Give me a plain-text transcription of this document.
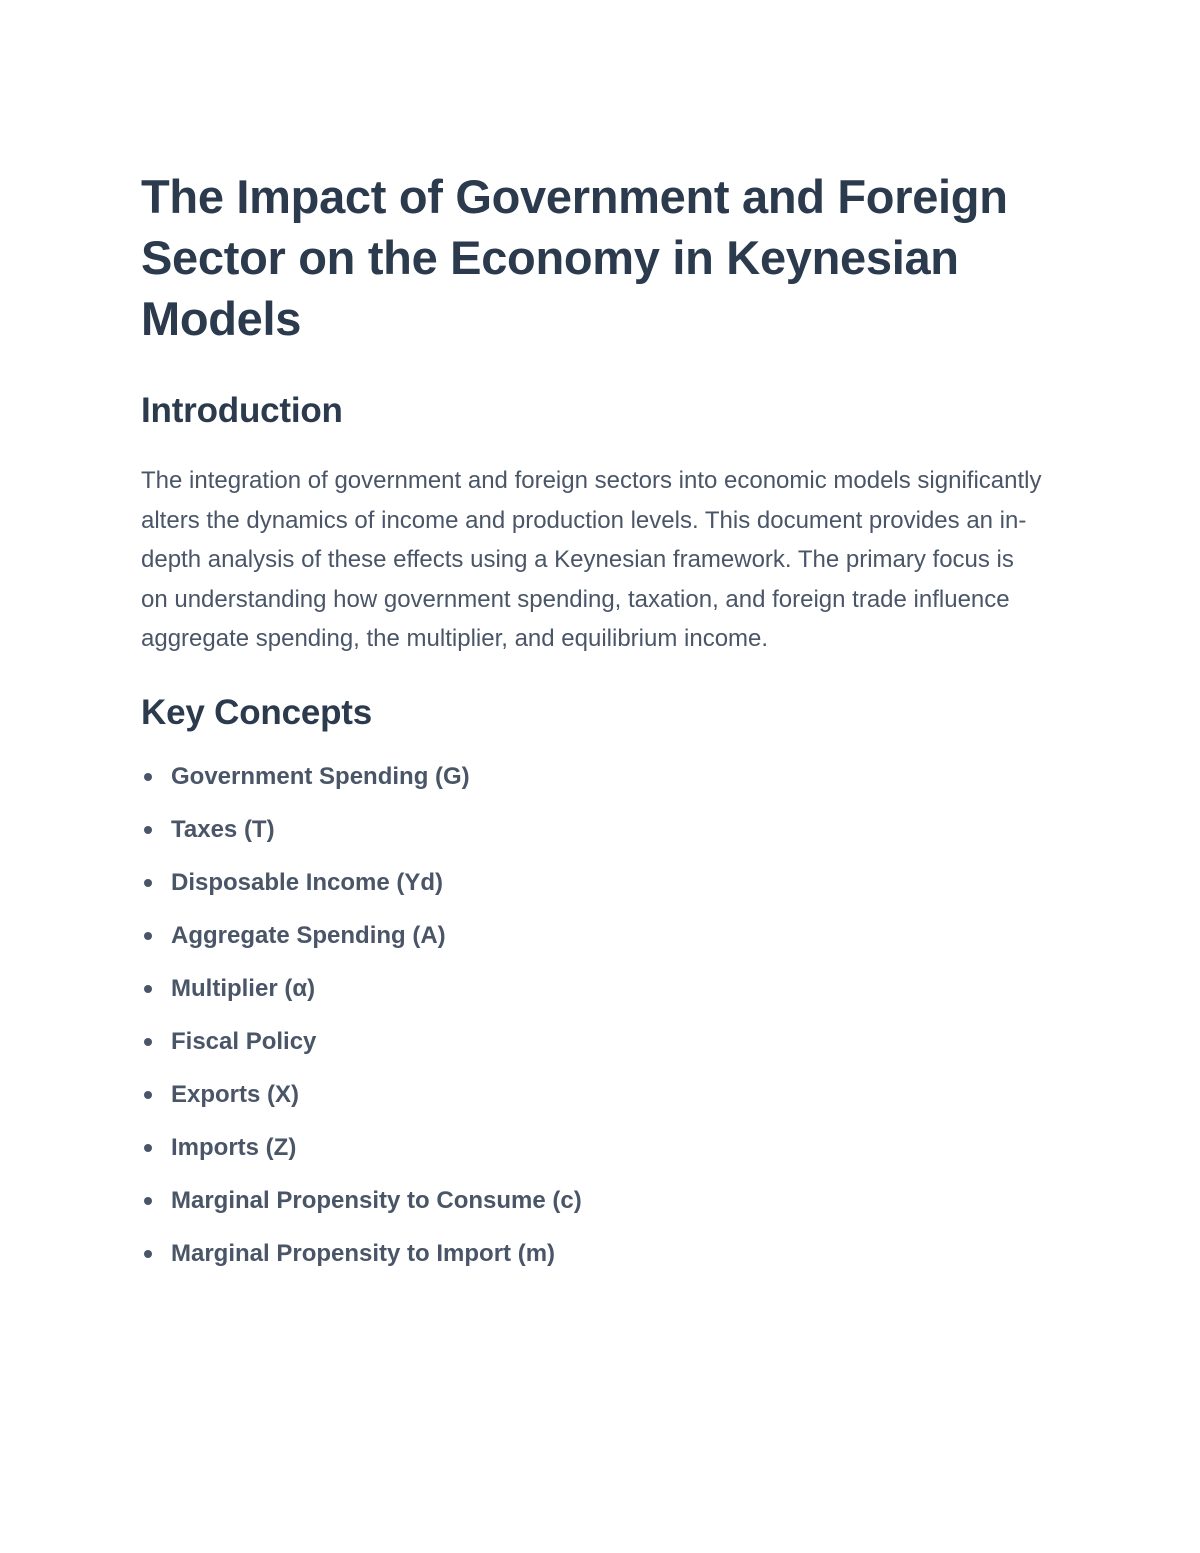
The Impact of Government and Foreign Sector on the Economy in Keynesian Models
Introduction

The integration of government and foreign sectors into economic models significantly alters the dynamics of income and production levels. This document provides an in-depth analysis of these effects using a Keynesian framework. The primary focus is on understanding how government spending, taxation, and foreign trade influence aggregate spending, the multiplier, and equilibrium income.

Key Concepts
Government Spending (G)
Taxes (T)
Disposable Income (Yd)
Aggregate Spending (A)
Multiplier (α)
Fiscal Policy
Exports (X)
Imports (Z)
Marginal Propensity to Consume (c)
Marginal Propensity to Import (m)
